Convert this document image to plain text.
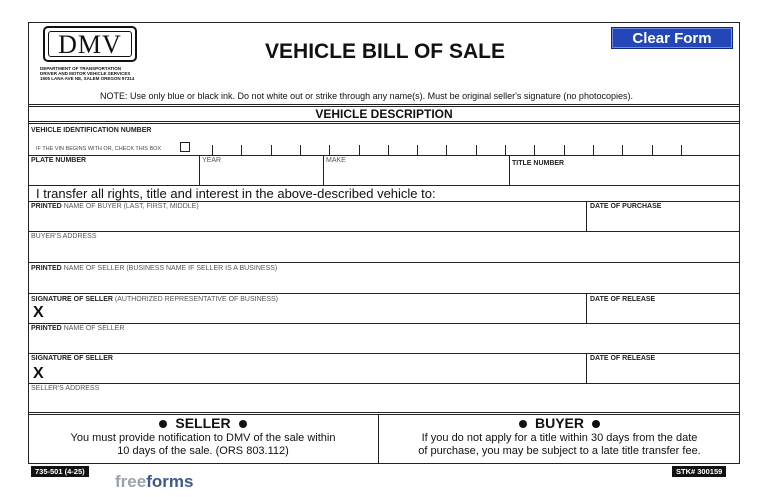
DMV
DEPARTMENT OF TRANSPORTATION
DRIVER AND MOTOR VEHICLE SERVICES
1905 LANA AVE NE, SALEM OREGON 97314
VEHICLE BILL OF SALE
Clear Form
NOTE: Use only blue or black ink. Do not white out or strike through any name(s). Must be original seller's signature (no photocopies).
VEHICLE DESCRIPTION
VEHICLE IDENTIFICATION NUMBER
IF THE VIN BEGINS WITH OR, CHECK THIS BOX
PLATE NUMBER	YEAR	MAKE	TITLE NUMBER
I transfer all rights, title and interest in the above-described vehicle to:
PRINTED NAME OF BUYER (LAST, FIRST, MIDDLE)	DATE OF PURCHASE
BUYER'S ADDRESS
PRINTED NAME OF SELLER (BUSINESS NAME IF SELLER IS A BUSINESS)
SIGNATURE OF SELLER (AUTHORIZED REPRESENTATIVE OF BUSINESS)
X
DATE OF RELEASE
PRINTED NAME OF SELLER
SIGNATURE OF SELLER
X
DATE OF RELEASE
SELLER'S ADDRESS
SELLER
You must provide notification to DMV of the sale within
10 days of the sale. (ORS 803.112)
BUYER
If you do not apply for a title within 30 days from the date
of purchase, you may be subject to a late title transfer fee.
735-501 (4-25)	STK# 300159
freeforms
